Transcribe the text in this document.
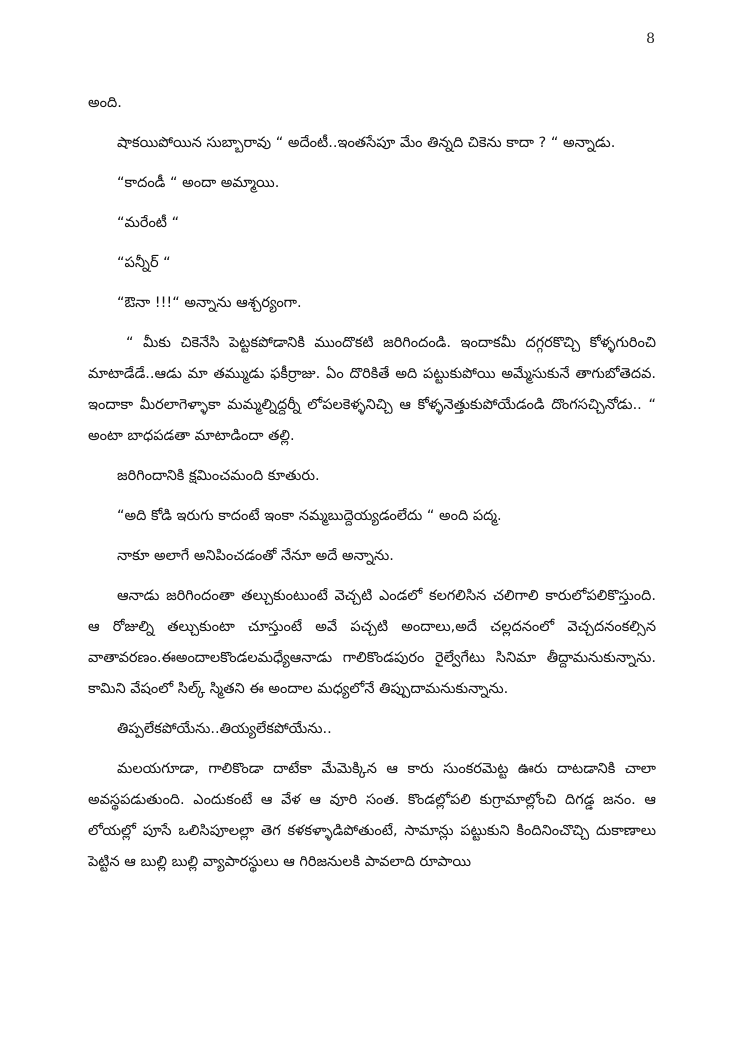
8

అంది.

షాకయిపోయిన సుబ్బారావు “ అదేంటీ..ఇంతసేపూ మేం తిన్నది చికెను కాదా ? “ అన్నాడు.

“కాదండీ “ అందా అమ్మాయి.

“మరేంటీ “

“పన్నీర్ “

“ఔనా !!!“ అన్నాను ఆశ్చర్యంగా.

“ మీకు చికెనేసి పెట్టకపోడానికి ముందొకటి జరిగిందండి. ఇందాకమీ దగ్గరకొచ్చి కోళ్ళగురించి మాటాడేడే..ఆడు మా తమ్ముడు ఫకీర్రాజు. ఏం దొరికితే అది పట్టుకుపోయి అమ్మేసుకునే తాగుబోతెదవ. ఇందాకా మీరలాగెళ్ళాకా మమ్మల్నిద్దర్నీ లోపలకెళ్ళనిచ్చి ఆ కోళ్ళనెత్తుకుపోయేడండి దొంగసచ్చినోడు.. “ అంటా బాధపడతా మాటాడిందా తల్లి.

జరిగిందానికి క్షమించమంది కూతురు.

“అది కోడి ఇరుగు కాదంటే ఇంకా నమ్మబుద్దెయ్యడంలేదు “ అంది పద్మ.

నాకూ అలాగే అనిపించడంతో నేనూ అదే అన్నాను.

ఆనాడు జరిగిందంతా తల్చుకుంటుంటే వెచ్చటి ఎండలో కలగలిసిన చలిగాలి కారులోపలికొస్తుంది. ఆ రోజుల్ని తల్చుకుంటా చూస్తుంటే అవే పచ్చటి అందాలు,అదే చల్లదనంలో వెచ్చదనంకల్సిన వాతావరణం.ఈఅందాలకొండలమధ్యేఆనాడు గాలికొండపురం రైల్వేగేటు సినిమా తీద్దామనుకున్నాను. కామిని వేషంలో సిల్క్ స్మితని ఈ అందాల మధ్యలోనే తిప్పుదామనుకున్నాను.

తిప్పలేకపోయేను..తియ్యలేకపోయేను..

మలయగూడా, గాలికొండా దాటేకా మేమెక్కిన ఆ కారు సుంకరమెట్ట ఊరు దాటడానికి చాలా అవస్థపడుతుంది. ఎందుకంటే ఆ వేళ ఆ వూరి సంత. కొండల్లోపలి కుగ్రామాల్లోంచి దిగడ్డ జనం. ఆ లోయల్లో పూసే ఒలిసిపూలల్లా తెగ కళకళ్ళాడిపోతుంటే, సామాన్లు పట్టుకుని కిందినించొచ్చి దుకాణాలు పెట్టిన ఆ బుల్లి బుల్లి వ్యాపారస్థులు ఆ గిరిజనులకి పావలాది రూపాయి
